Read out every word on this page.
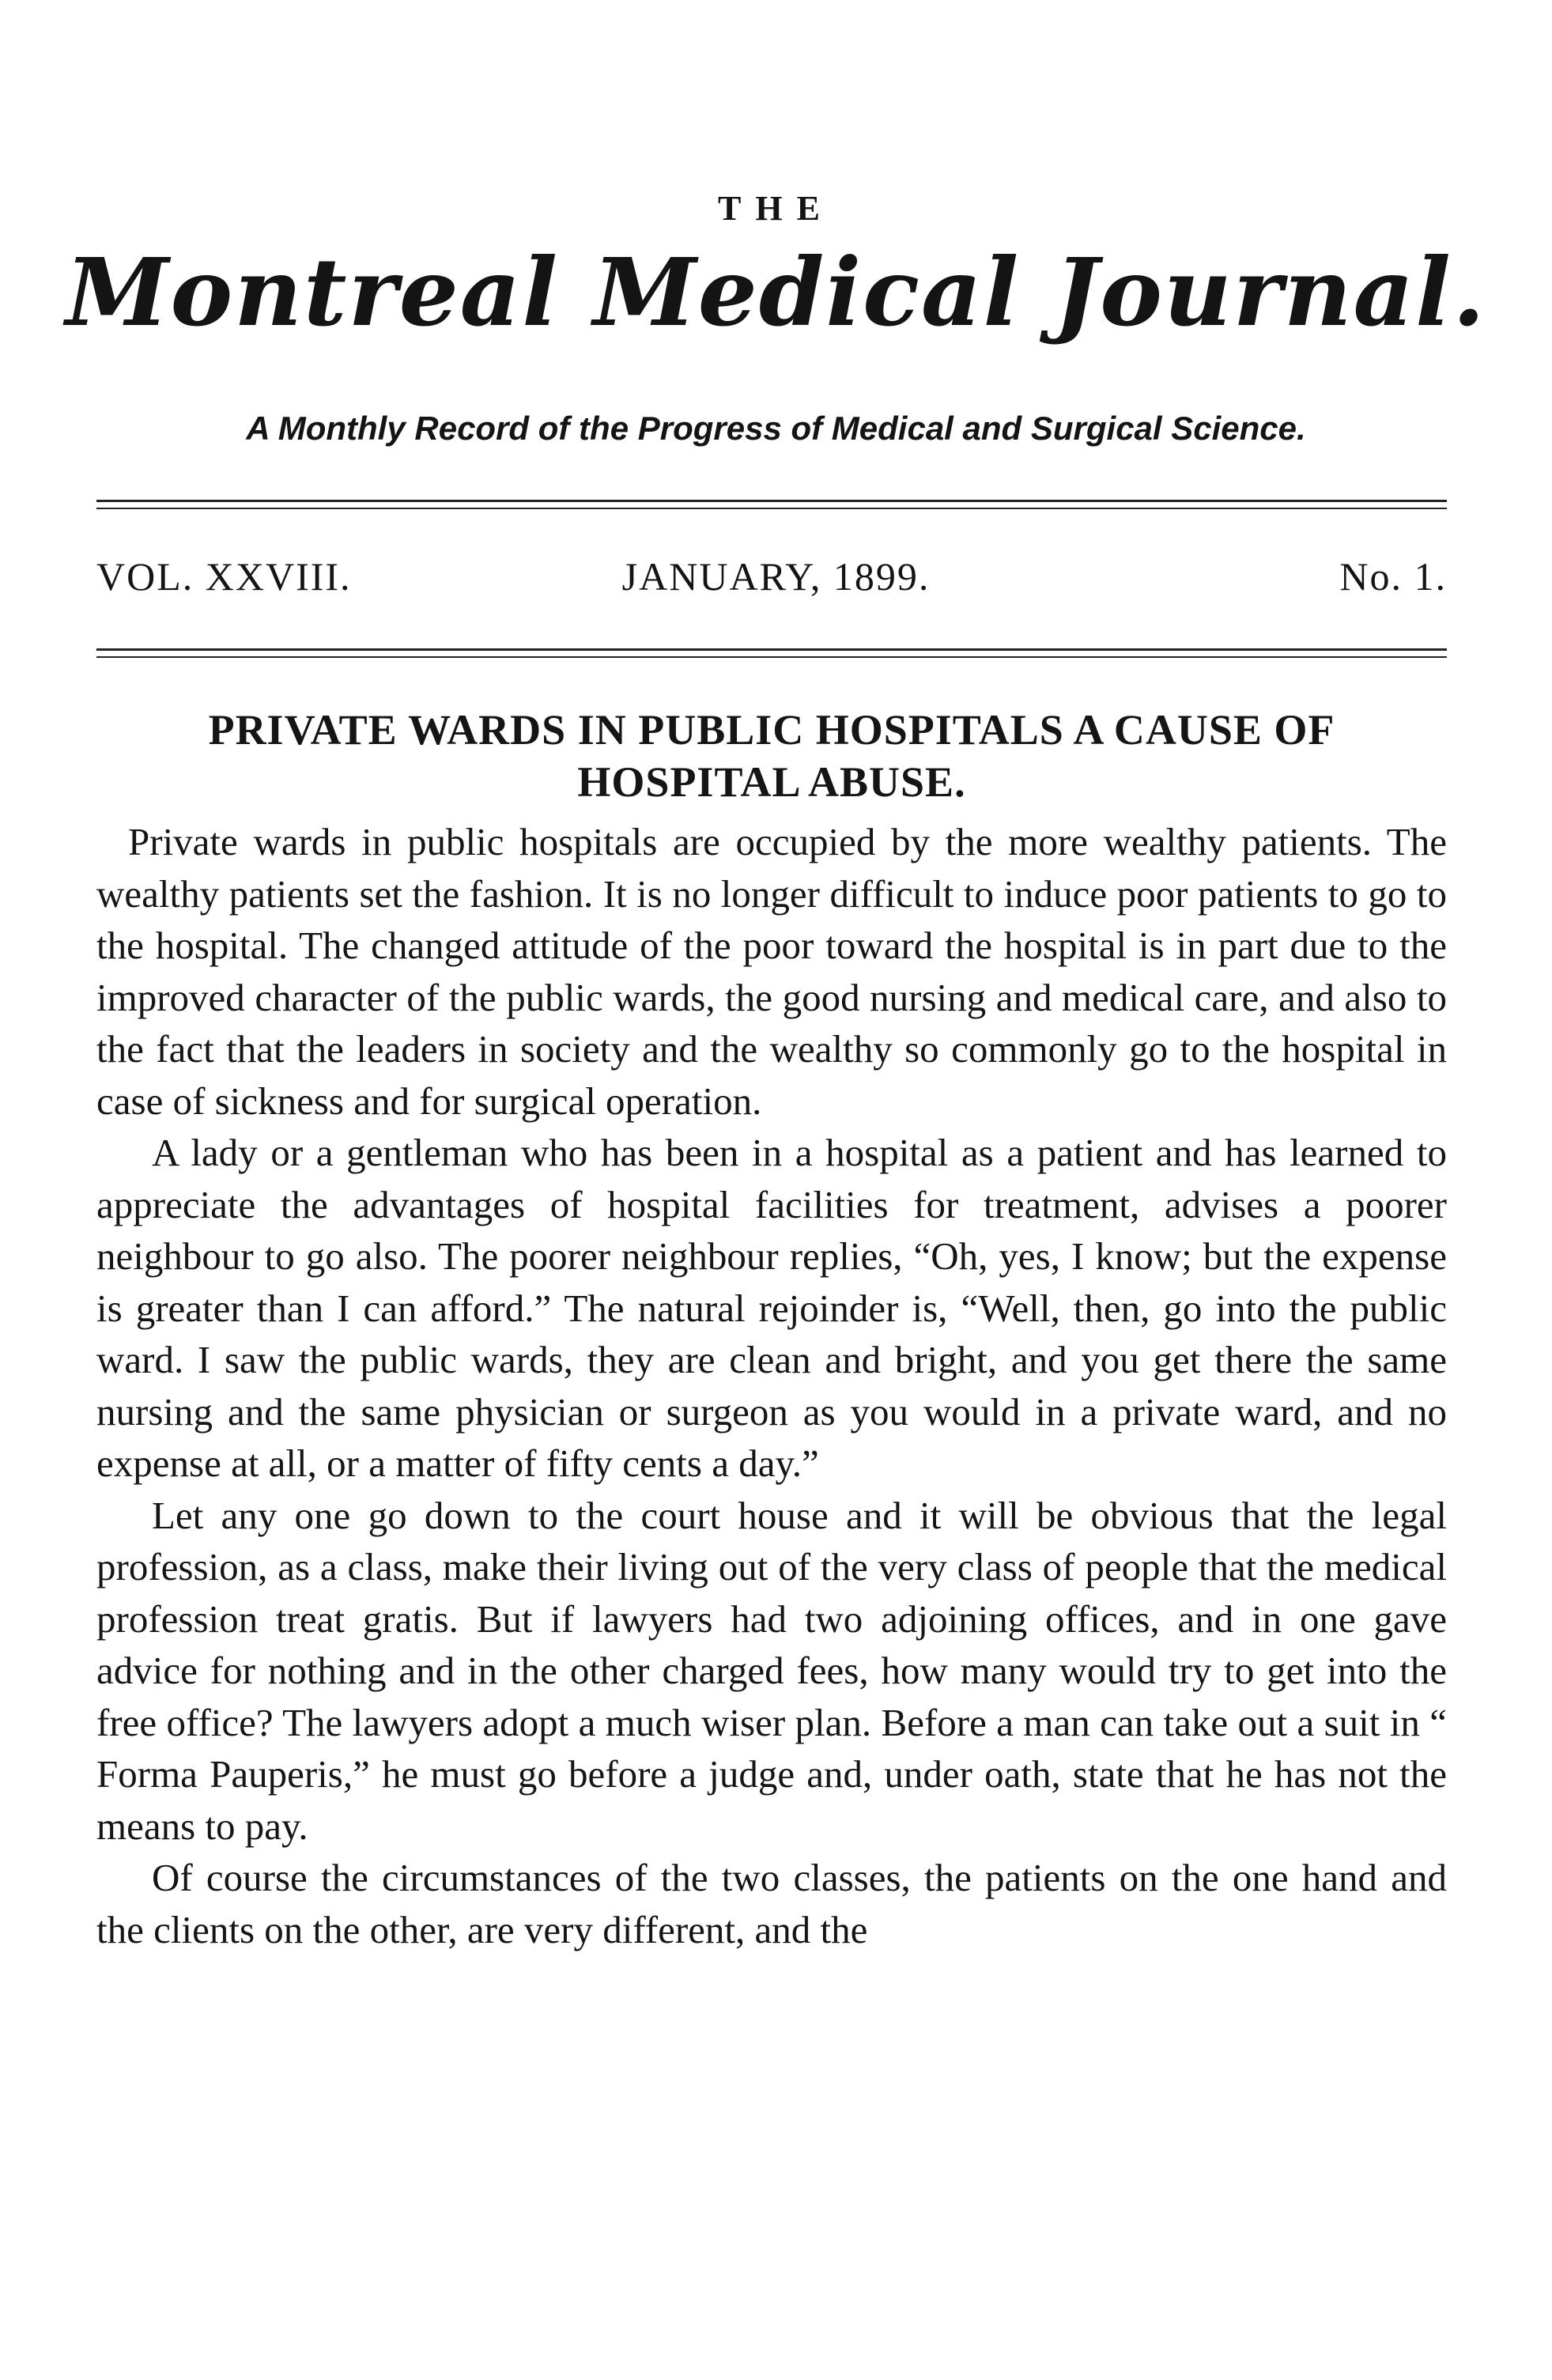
THE
Montreal Medical Journal.
A Monthly Record of the Progress of Medical and Surgical Science.
VOL. XXVIII.	JANUARY, 1899.	No. 1.
PRIVATE WARDS IN PUBLIC HOSPITALS A CAUSE OF HOSPITAL ABUSE.

Private wards in public hospitals are occupied by the more wealthy patients. The wealthy patients set the fashion. It is no longer difficult to induce poor patients to go to the hospital. The changed attitude of the poor toward the hospital is in part due to the improved character of the public wards, the good nursing and medical care, and also to the fact that the leaders in society and the wealthy so commonly go to the hospital in case of sickness and for surgical operation.

A lady or a gentleman who has been in a hospital as a patient and has learned to appreciate the advantages of hospital facilities for treatment, advises a poorer neighbour to go also. The poorer neighbour replies, “Oh, yes, I know; but the expense is greater than I can afford.” The natural rejoinder is, “Well, then, go into the public ward. I saw the public wards, they are clean and bright, and you get there the same nursing and the same physician or surgeon as you would in a private ward, and no expense at all, or a matter of fifty cents a day.”

Let any one go down to the court house and it will be obvious that the legal profession, as a class, make their living out of the very class of people that the medical profession treat gratis. But if lawyers had two adjoining offices, and in one gave advice for nothing and in the other charged fees, how many would try to get into the free office? The lawyers adopt a much wiser plan. Before a man can take out a suit in “ Forma Pauperis,” he must go before a judge and, under oath, state that he has not the means to pay.

Of course the circumstances of the two classes, the patients on the one hand and the clients on the other, are very different, and the
